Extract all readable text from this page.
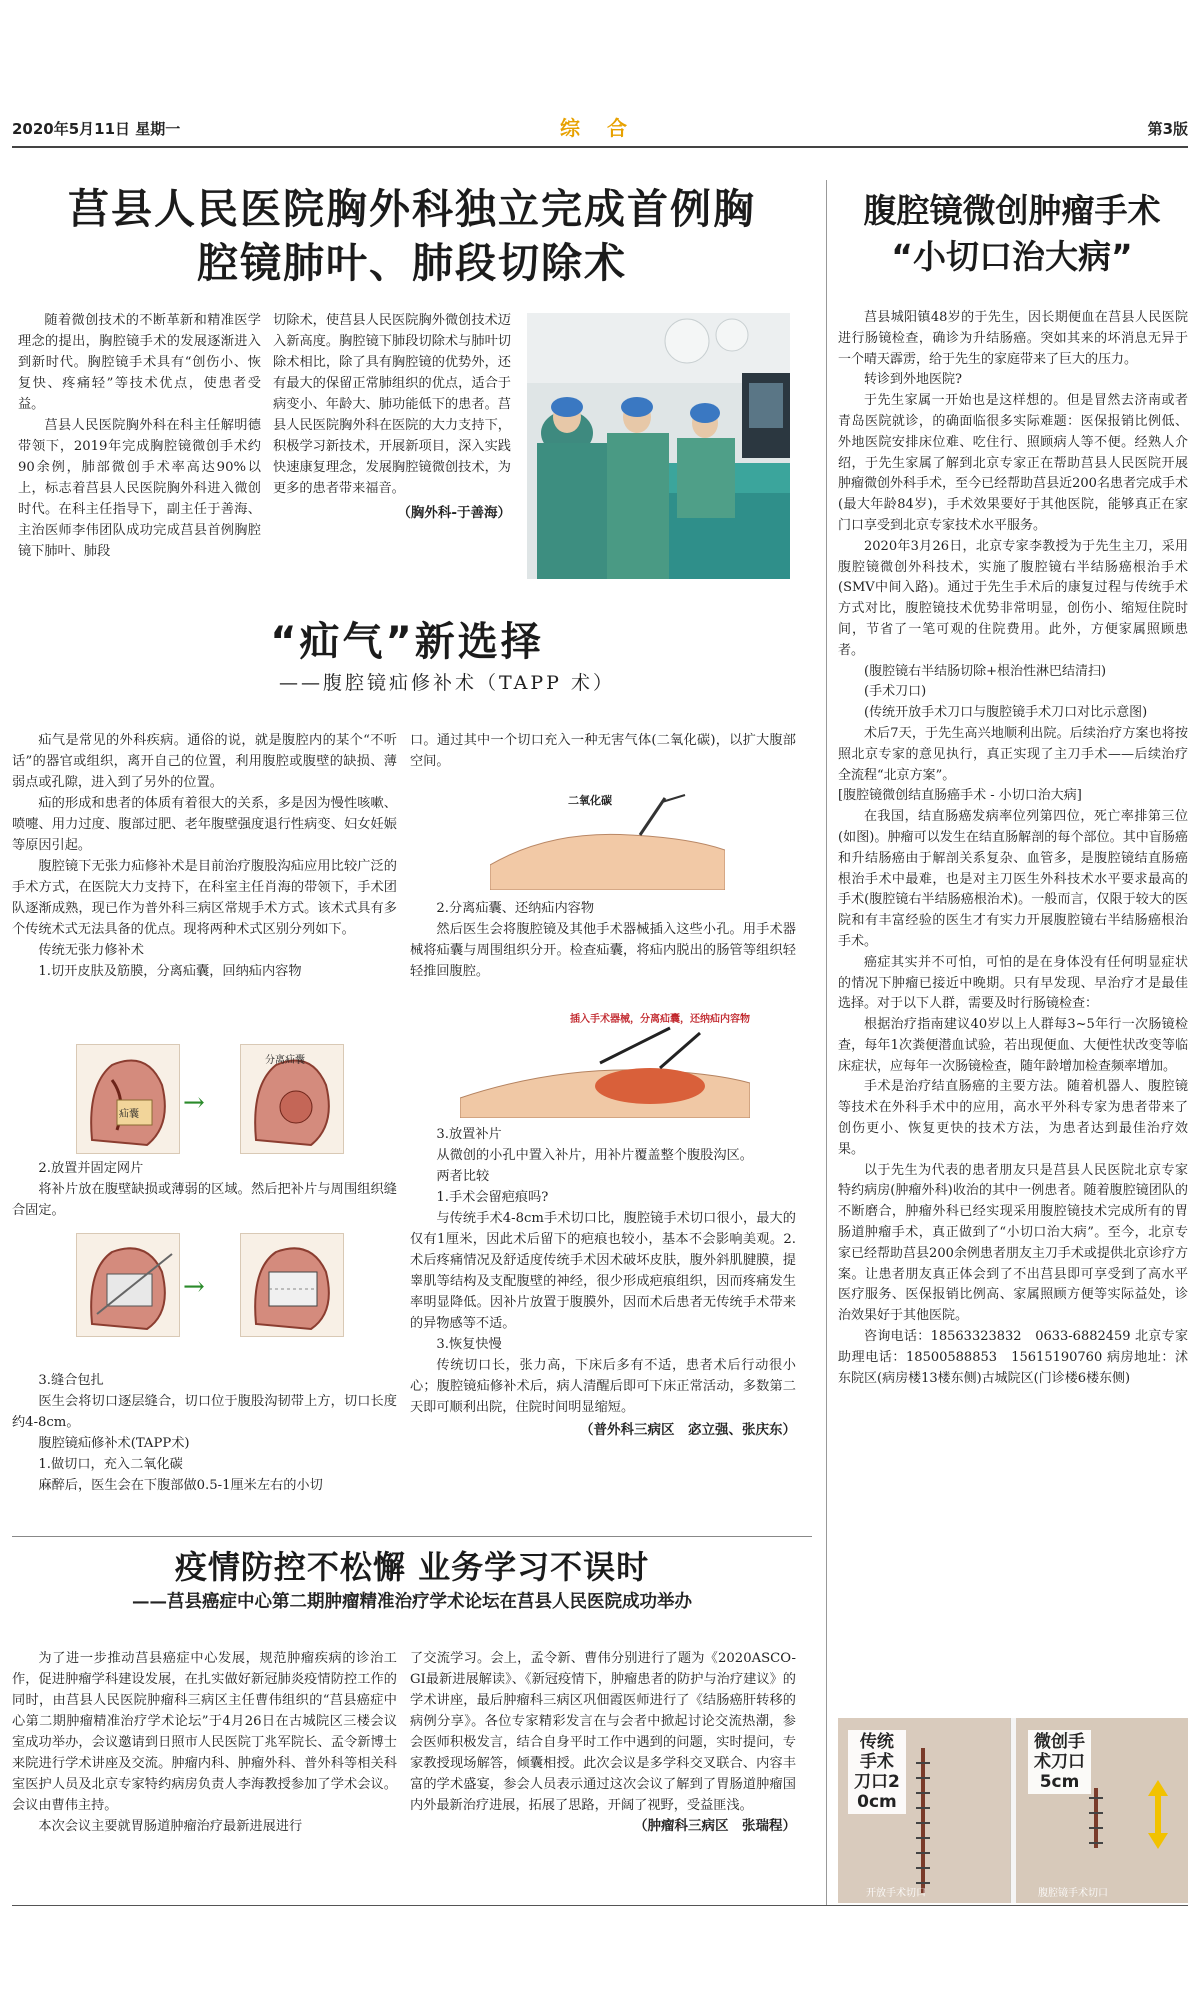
2020年5月11日 星期一	综 合	第3版
莒县人民医院胸外科独立完成首例胸
腔镜肺叶、肺段切除术

随着微创技术的不断革新和精准医学理念的提出，胸腔镜手术的发展逐渐进入到新时代。胸腔镜手术具有“创伤小、恢复快、疼痛轻”等技术优点，使患者受益。

莒县人民医院胸外科在科主任解明德带领下，2019年完成胸腔镜微创手术约90余例，肺部微创手术率高达90%以上，标志着莒县人民医院胸外科进入微创时代。在科主任指导下，副主任于善海、主治医师李伟团队成功完成莒县首例胸腔镜下肺叶、肺段

切除术，使莒县人民医院胸外微创技术迈入新高度。胸腔镜下肺段切除术与肺叶切除术相比，除了具有胸腔镜的优势外，还有最大的保留正常肺组织的优点，适合于病变小、年龄大、肺功能低下的患者。莒县人民医院胸外科在医院的大力支持下，积极学习新技术，开展新项目，深入实践快速康复理念，发展胸腔镜微创技术，为更多的患者带来福音。

（胸外科-于善海）
“疝气”新选择
——腹腔镜疝修补术（TAPP 术）

疝气是常见的外科疾病。通俗的说，就是腹腔内的某个“不听话”的器官或组织，离开自己的位置，利用腹腔或腹壁的缺损、薄弱点或孔隙，进入到了另外的位置。

疝的形成和患者的体质有着很大的关系，多是因为慢性咳嗽、喷嚏、用力过度、腹部过肥、老年腹壁强度退行性病变、妇女妊娠等原因引起。

腹腔镜下无张力疝修补术是目前治疗腹股沟疝应用比较广泛的手术方式，在医院大力支持下，在科室主任肖海的带领下，手术团队逐渐成熟，现已作为普外科三病区常规手术方式。该术式具有多个传统术式无法具备的优点。现将两种术式区别分列如下。

传统无张力修补术

1.切开皮肤及筋膜，分离疝囊，回纳疝内容物

疝囊 →
分离疝囊

2.放置并固定网片

将补片放在腹壁缺损或薄弱的区域。然后把补片与周围组织缝合固定。

→

3.缝合包扎

医生会将切口逐层缝合，切口位于腹股沟韧带上方，切口长度约4-8cm。

腹腔镜疝修补术(TAPP术)

1.做切口，充入二氧化碳

麻醉后，医生会在下腹部做0.5-1厘米左右的小切

口。通过其中一个切口充入一种无害气体(二氧化碳)，以扩大腹部空间。

二氧化碳

2.分离疝囊、还纳疝内容物

然后医生会将腹腔镜及其他手术器械插入这些小孔。用手术器械将疝囊与周围组织分开。检查疝囊，将疝内脱出的肠管等组织轻轻推回腹腔。

插入手术器械，分离疝囊，还纳疝内容物

3.放置补片

从微创的小孔中置入补片，用补片覆盖整个腹股沟区。

两者比较

1.手术会留疤痕吗?

与传统手术4-8cm手术切口比，腹腔镜手术切口很小，最大的仅有1厘米，因此术后留下的疤痕也较小，基本不会影响美观。2.术后疼痛情况及舒适度传统手术因术破坏皮肤，腹外斜肌腱膜，提睾肌等结构及支配腹壁的神经，很少形成疤痕组织，因而疼痛发生率明显降低。因补片放置于腹膜外，因而术后患者无传统手术带来的异物感等不适。

3.恢复快慢

传统切口长，张力高，下床后多有不适，患者术后行动很小心；腹腔镜疝修补术后，病人清醒后即可下床正常活动，多数第二天即可顺利出院，住院时间明显缩短。

（普外科三病区　宓立强、张庆东）
疫情防控不松懈 业务学习不误时
——莒县癌症中心第二期肿瘤精准治疗学术论坛在莒县人民医院成功举办

为了进一步推动莒县癌症中心发展，规范肿瘤疾病的诊治工作，促进肿瘤学科建设发展，在扎实做好新冠肺炎疫情防控工作的同时，由莒县人民医院肿瘤科三病区主任曹伟组织的“莒县癌症中心第二期肿瘤精准治疗学术论坛”于4月26日在古城院区三楼会议室成功举办，会议邀请到日照市人民医院丁兆军院长、孟令新博士来院进行学术讲座及交流。肿瘤内科、肿瘤外科、普外科等相关科室医护人员及北京专家特约病房负责人李海教授参加了学术会议。会议由曹伟主持。

本次会议主要就胃肠道肿瘤治疗最新进展进行

了交流学习。会上，孟令新、曹伟分别进行了题为《2020ASCO-GI最新进展解读》、《新冠疫情下，肿瘤患者的防护与治疗建议》的学术讲座，最后肿瘤科三病区巩佃霞医师进行了《结肠癌肝转移的病例分享》。各位专家精彩发言在与会者中掀起讨论交流热潮，参会医师积极发言，结合自身平时工作中遇到的问题，实时提问，专家教授现场解答，倾囊相授。此次会议是多学科交叉联合、内容丰富的学术盛宴，参会人员表示通过这次会议了解到了胃肠道肿瘤国内外最新治疗进展，拓展了思路，开阔了视野，受益匪浅。

（肿瘤科三病区　张瑞程）
腹腔镜微创肿瘤手术
“小切口治大病”

莒县城阳镇48岁的于先生，因长期便血在莒县人民医院进行肠镜检查，确诊为升结肠癌。突如其来的坏消息无异于一个晴天霹雳，给于先生的家庭带来了巨大的压力。

转诊到外地医院?

于先生家属一开始也是这样想的。但是冒然去济南或者青岛医院就诊，的确面临很多实际难题：医保报销比例低、外地医院安排床位难、吃住行、照顾病人等不便。经熟人介绍，于先生家属了解到北京专家正在帮助莒县人民医院开展肿瘤微创外科手术，至今已经帮助莒县近200名患者完成手术(最大年龄84岁)，手术效果要好于其他医院，能够真正在家门口享受到北京专家技术水平服务。

2020年3月26日，北京专家李教授为于先生主刀，采用腹腔镜微创外科技术，实施了腹腔镜右半结肠癌根治手术(SMV中间入路)。通过于先生手术后的康复过程与传统手术方式对比，腹腔镜技术优势非常明显，创伤小、缩短住院时间，节省了一笔可观的住院费用。此外，方便家属照顾患者。

(腹腔镜右半结肠切除+根治性淋巴结清扫)

(手术刀口)

(传统开放手术刀口与腹腔镜手术刀口对比示意图)

术后7天，于先生高兴地顺利出院。后续治疗方案也将按照北京专家的意见执行，真正实现了主刀手术——后续治疗全流程“北京方案”。

[腹腔镜微创结直肠癌手术 - 小切口治大病]

在我国，结直肠癌发病率位列第四位，死亡率排第三位(如图)。肿瘤可以发生在结直肠解剖的每个部位。其中盲肠癌和升结肠癌由于解剖关系复杂、血管多，是腹腔镜结直肠癌根治手术中最难，也是对主刀医生外科技术水平要求最高的手术(腹腔镜右半结肠癌根治术)。一般而言，仅限于较大的医院和有丰富经验的医生才有实力开展腹腔镜右半结肠癌根治手术。

癌症其实并不可怕，可怕的是在身体没有任何明显症状的情况下肿瘤已接近中晚期。只有早发现、早治疗才是最佳选择。对于以下人群，需要及时行肠镜检查：

根据治疗指南建议40岁以上人群每3~5年行一次肠镜检查，每年1次粪便潜血试验，若出现便血、大便性状改变等临床症状，应每年一次肠镜检查，随年龄增加检查频率增加。

手术是治疗结直肠癌的主要方法。随着机器人、腹腔镜等技术在外科手术中的应用，高水平外科专家为患者带来了创伤更小、恢复更快的技术方法，为患者达到最佳治疗效果。

以于先生为代表的患者朋友只是莒县人民医院北京专家特约病房(肿瘤外科)收治的其中一例患者。随着腹腔镜团队的不断磨合，肿瘤外科已经实现采用腹腔镜技术完成所有的胃肠道肿瘤手术，真正做到了“小切口治大病”。至今，北京专家已经帮助莒县200余例患者朋友主刀手术或提供北京诊疗方案。让患者朋友真正体会到了不出莒县即可享受到了高水平医疗服务、医保报销比例高、家属照顾方便等实际益处，诊治效果好于其他医院。

咨询电话：18563323832　0633-6882459 北京专家助理电话：18500588853　15615190760 病房地址：沭东院区(病房楼13楼东侧)古城院区(门诊楼6楼东侧)

传统
手术
刀口2
0cm
微创手
术刀口
5cm
开放手术切口	腹腔镜手术切口
